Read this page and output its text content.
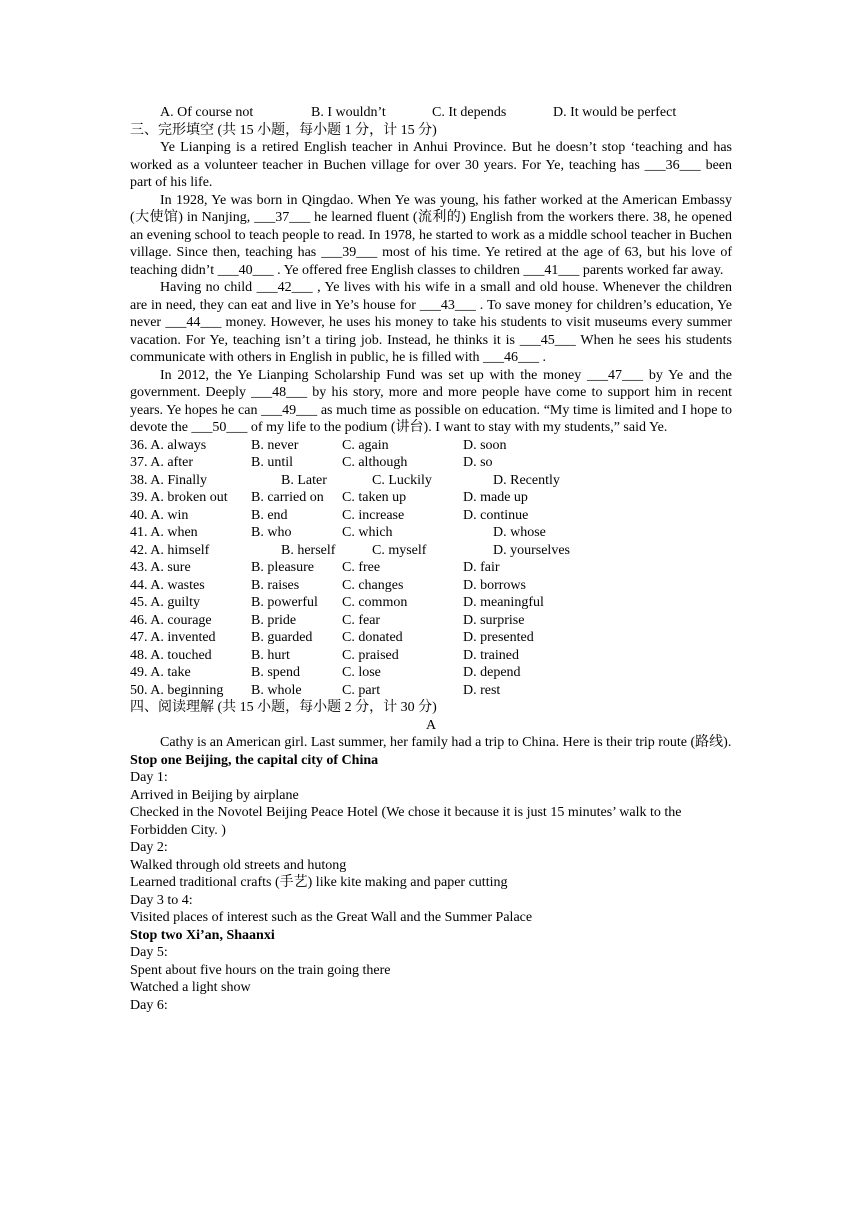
A. Of course not	B. I wouldn’t	C. It depends	D. It would be perfect
三、完形填空 (共 15 小题，每小题 1 分，计 15 分)
Ye Lianping is a retired English teacher in Anhui Province. But he doesn’t stop ‘teaching and has worked as a volunteer teacher in Buchen village for over 30 years. For Ye, teaching has ___36___ been part of his life.
In 1928, Ye was born in Qingdao. When Ye was young, his father worked at the American Embassy (大使馆) in Nanjing, ___37___ he learned fluent (流利的) English from the workers there. 38, he opened an evening school to teach people to read. In 1978, he started to work as a middle school teacher in Buchen village. Since then, teaching has ___39___ most of his time. Ye retired at the age of 63, but his love of teaching didn’t ___40___ . Ye offered free English classes to children ___41___ parents worked far away.
Having no child ___42___ , Ye lives with his wife in a small and old house. Whenever the children are in need, they can eat and live in Ye’s house for ___43___ . To save money for children’s education, Ye never ___44___ money. However, he uses his money to take his students to visit museums every summer vacation. For Ye, teaching isn’t a tiring job. Instead, he thinks it is ___45___ When he sees his students communicate with others in English in public, he is filled with ___46___ .
In 2012, the Ye Lianping Scholarship Fund was set up with the money ___47___ by Ye and the government. Deeply ___48___ by his story, more and more people have come to support him in recent years. Ye hopes he can ___49___ as much time as possible on education. “My time is limited and I hope to devote the ___50___ of my life to the podium (讲台). I want to stay with my students,” said Ye.
36. A. always	B. never	C. again	D. soon
37. A. after	B. until	C. although	D. so
38. A. Finally	B. Later	C. Luckily	D. Recently
39. A. broken out	B. carried on	C. taken up	D. made up
40. A. win	B. end	C. increase	D. continue
41. A. when	B. who	C. which	D. whose
42. A. himself	B. herself	C. myself	D. yourselves
43. A. sure	B. pleasure	C. free	D. fair
44. A. wastes	B. raises	C. changes	D. borrows
45. A. guilty	B. powerful	C. common	D. meaningful
46. A. courage	B. pride	C. fear	D. surprise
47. A. invented	B. guarded	C. donated	D. presented
48. A. touched	B. hurt	C. praised	D. trained
49. A. take	B. spend	C. lose	D. depend
50. A. beginning	B. whole	C. part	D. rest
四、阅读理解 (共 15 小题，每小题 2 分，计 30 分)
A
Cathy is an American girl. Last summer, her family had a trip to China. Here is their trip route (路线).
Stop one Beijing, the capital city of China
Day 1:
Arrived in Beijing by airplane
Checked in the Novotel Beijing Peace Hotel (We chose it because it is just 15 minutes’ walk to the Forbidden City. )
Day 2:
Walked through old streets and hutong
Learned traditional crafts (手艺) like kite making and paper cutting
Day 3 to 4:
Visited places of interest such as the Great Wall and the Summer Palace
Stop two Xi’an, Shaanxi
Day 5:
Spent about five hours on the train going there
Watched a light show
Day 6:
